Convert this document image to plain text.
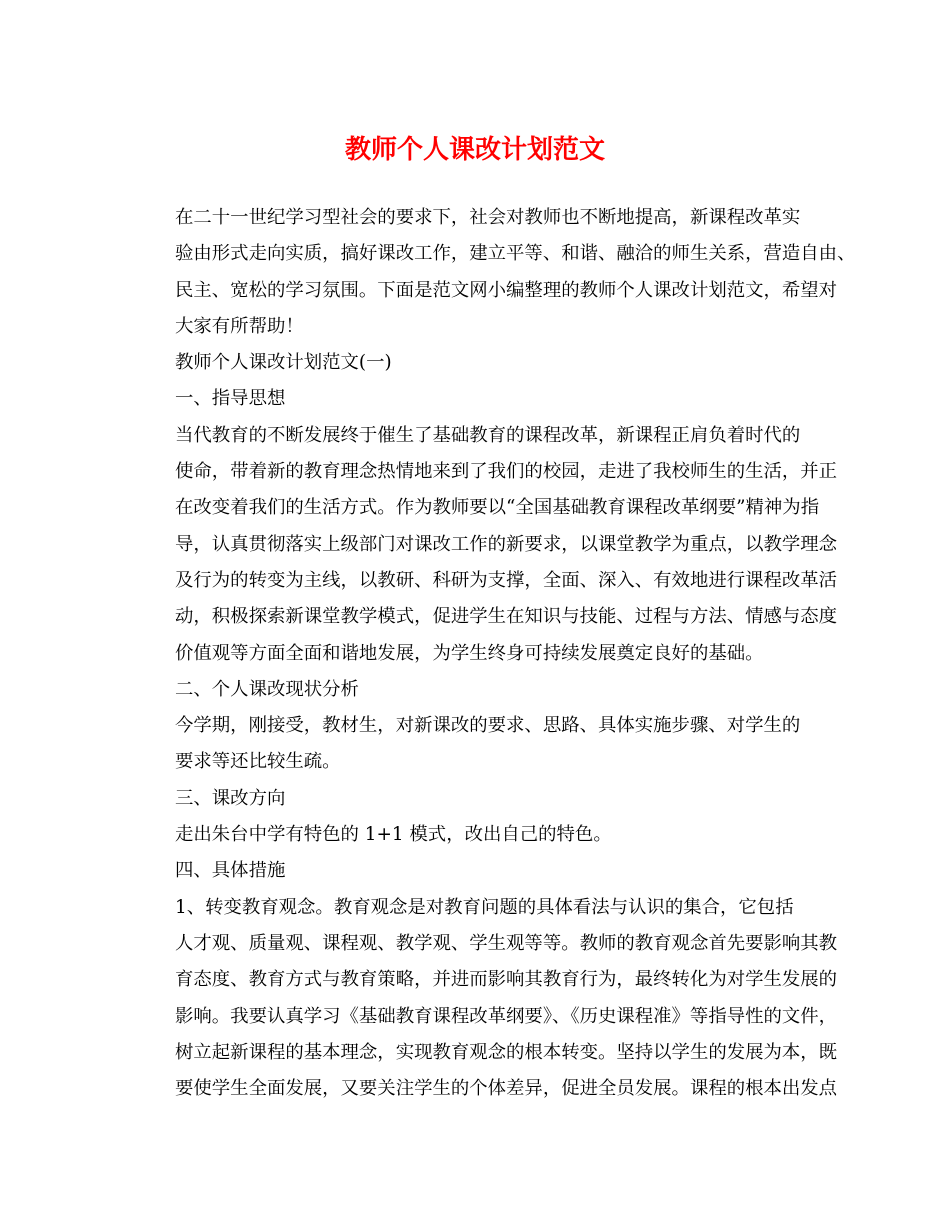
教师个人课改计划范文

在二十一世纪学习型社会的要求下，社会对教师也不断地提高，新课程改革实
验由形式走向实质，搞好课改工作，建立平等、和谐、融洽的师生关系，营造自由、
民主、宽松的学习氛围。下面是范文网小编整理的教师个人课改计划范文，希望对
大家有所帮助！

教师个人课改计划范文(一)

一、指导思想

当代教育的不断发展终于催生了基础教育的课程改革，新课程正肩负着时代的
使命，带着新的教育理念热情地来到了我们的校园，走进了我校师生的生活，并正
在改变着我们的生活方式。作为教师要以“全国基础教育课程改革纲要”精神为指
导，认真贯彻落实上级部门对课改工作的新要求，以课堂教学为重点，以教学理念
及行为的转变为主线，以教研、科研为支撑，全面、深入、有效地进行课程改革活
动，积极探索新课堂教学模式，促进学生在知识与技能、过程与方法、情感与态度
价值观等方面全面和谐地发展，为学生终身可持续发展奠定良好的基础。

二、个人课改现状分析

今学期，刚接受，教材生，对新课改的要求、思路、具体实施步骤、对学生的
要求等还比较生疏。

三、课改方向

走出朱台中学有特色的 1+1 模式，改出自己的特色。

四、具体措施

1、转变教育观念。教育观念是对教育问题的具体看法与认识的集合，它包括
人才观、质量观、课程观、教学观、学生观等等。教师的教育观念首先要影响其教
育态度、教育方式与教育策略，并进而影响其教育行为，最终转化为对学生发展的
影响。我要认真学习《基础教育课程改革纲要》、《历史课程准》等指导性的文件，
树立起新课程的基本理念，实现教育观念的根本转变。坚持以学生的发展为本，既
要使学生全面发展，又要关注学生的个体差异，促进全员发展。课程的根本出发点
